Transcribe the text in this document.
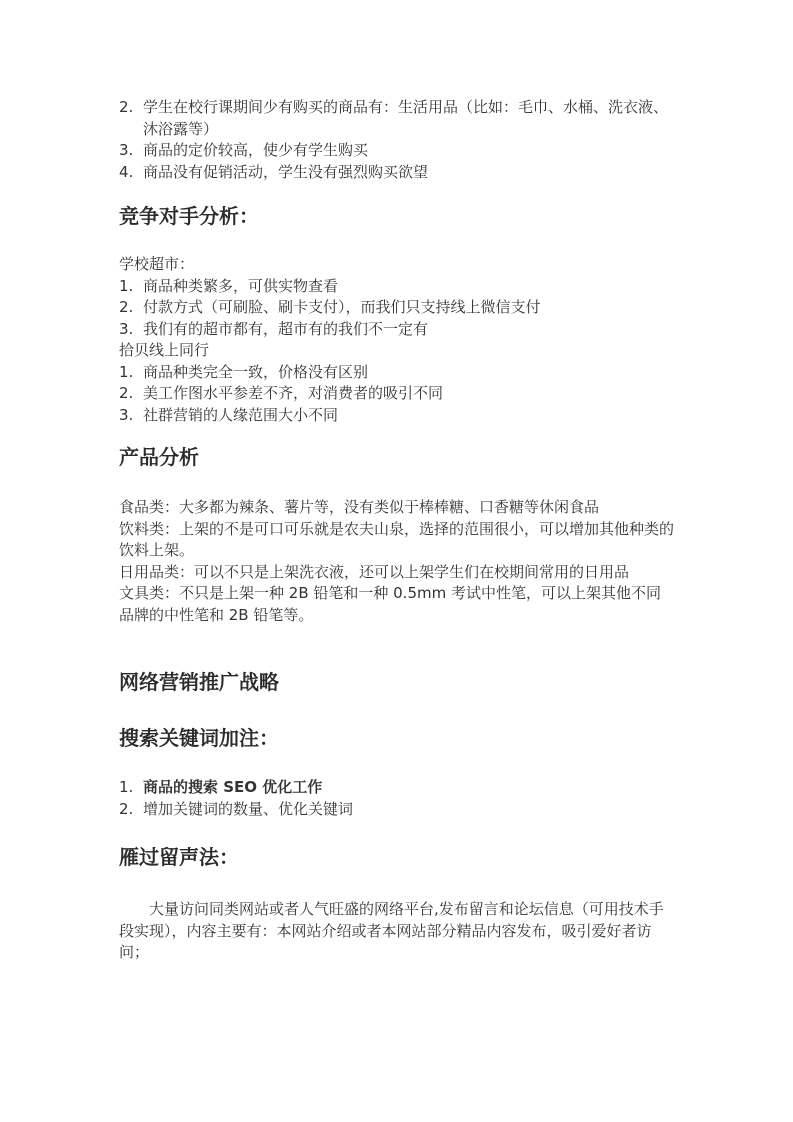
2. 学生在校行课期间少有购买的商品有：生活用品（比如：毛巾、水桶、洗衣液、沐浴露等）
3. 商品的定价较高，使少有学生购买
4. 商品没有促销活动，学生没有强烈购买欲望
竞争对手分析：

学校超市：

1. 商品种类繁多，可供实物查看
2. 付款方式（可刷脸、刷卡支付），而我们只支持线上微信支付
3. 我们有的超市都有，超市有的我们不一定有

拾贝线上同行

1. 商品种类完全一致，价格没有区别
2. 美工作图水平参差不齐，对消费者的吸引不同
3. 社群营销的人缘范围大小不同
产品分析

食品类：大多都为辣条、薯片等，没有类似于棒棒糖、口香糖等休闲食品

饮料类：上架的不是可口可乐就是农夫山泉，选择的范围很小，可以增加其他种类的饮料上架。

日用品类：可以不只是上架洗衣液，还可以上架学生们在校期间常用的日用品

文具类：不只是上架一种 2B 铅笔和一种 0.5mm 考试中性笔，可以上架其他不同品牌的中性笔和 2B 铅笔等。

网络营销推广战略
搜索关键词加注：
1. 商品的搜索 SEO 优化工作
2. 增加关键词的数量、优化关键词
雁过留声法：

大量访问同类网站或者人气旺盛的网络平台,发布留言和论坛信息（可用技术手段实现），内容主要有：本网站介绍或者本网站部分精品内容发布，吸引爱好者访问；
